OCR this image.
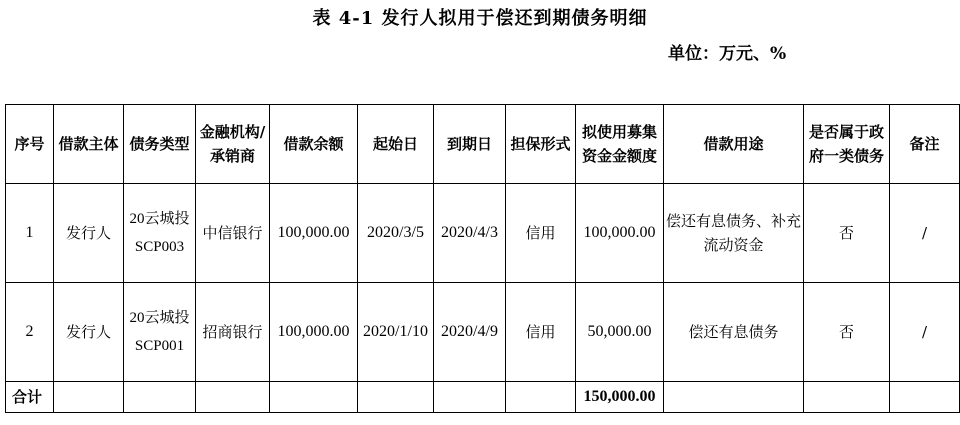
表 4-1 发行人拟用于偿还到期债务明细
单位：万元、%
序号	借款主体	债务类型	金融机构/承销商	借款余额	起始日	到期日	担保形式	拟使用募集资金金额度	借款用途	是否属于政府一类债务	备注
1	发行人	20云城投SCP003	中信银行	100,000.00	2020/3/5	2020/4/3	信用	100,000.00	偿还有息债务、补充流动资金	否	/
2	发行人	20云城投SCP001	招商银行	100,000.00	2020/1/10	2020/4/9	信用	50,000.00	偿还有息债务	否	/
合计								150,000.00			
